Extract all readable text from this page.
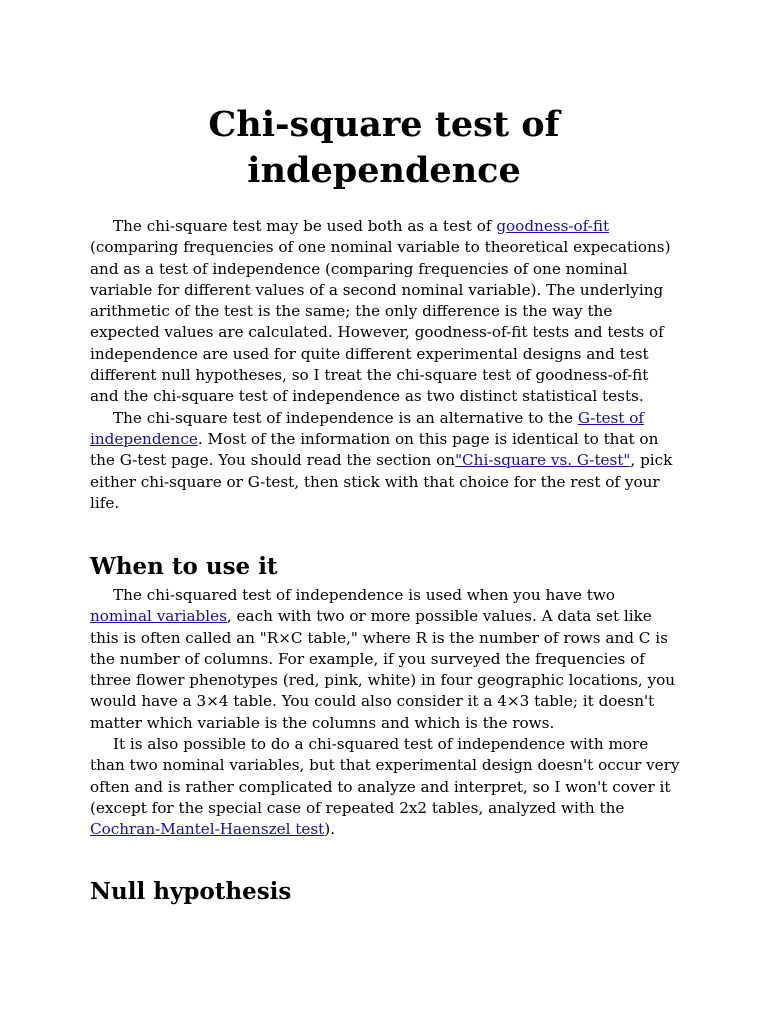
Chi-square test of independence

The chi-square test may be used both as a test of goodness-of-fit (comparing frequencies of one nominal variable to theoretical expecations) and as a test of independence (comparing frequencies of one nominal variable for different values of a second nominal variable). The underlying arithmetic of the test is the same; the only difference is the way the expected values are calculated. However, goodness-of-fit tests and tests of independence are used for quite different experimental designs and test different null hypotheses, so I treat the chi-square test of goodness-of-fit and the chi-square test of independence as two distinct statistical tests.

The chi-square test of independence is an alternative to the G-test of independence. Most of the information on this page is identical to that on the G-test page. You should read the section on"Chi-square vs. G-test", pick either chi-square or G-test, then stick with that choice for the rest of your life.

When to use it

The chi-squared test of independence is used when you have two nominal variables, each with two or more possible values. A data set like this is often called an "R×C table," where R is the number of rows and C is the number of columns. For example, if you surveyed the frequencies of three flower phenotypes (red, pink, white) in four geographic locations, you would have a 3×4 table. You could also consider it a 4×3 table; it doesn't matter which variable is the columns and which is the rows.

It is also possible to do a chi-squared test of independence with more than two nominal variables, but that experimental design doesn't occur very often and is rather complicated to analyze and interpret, so I won't cover it (except for the special case of repeated 2x2 tables, analyzed with the Cochran-Mantel-Haenszel test).

Null hypothesis
